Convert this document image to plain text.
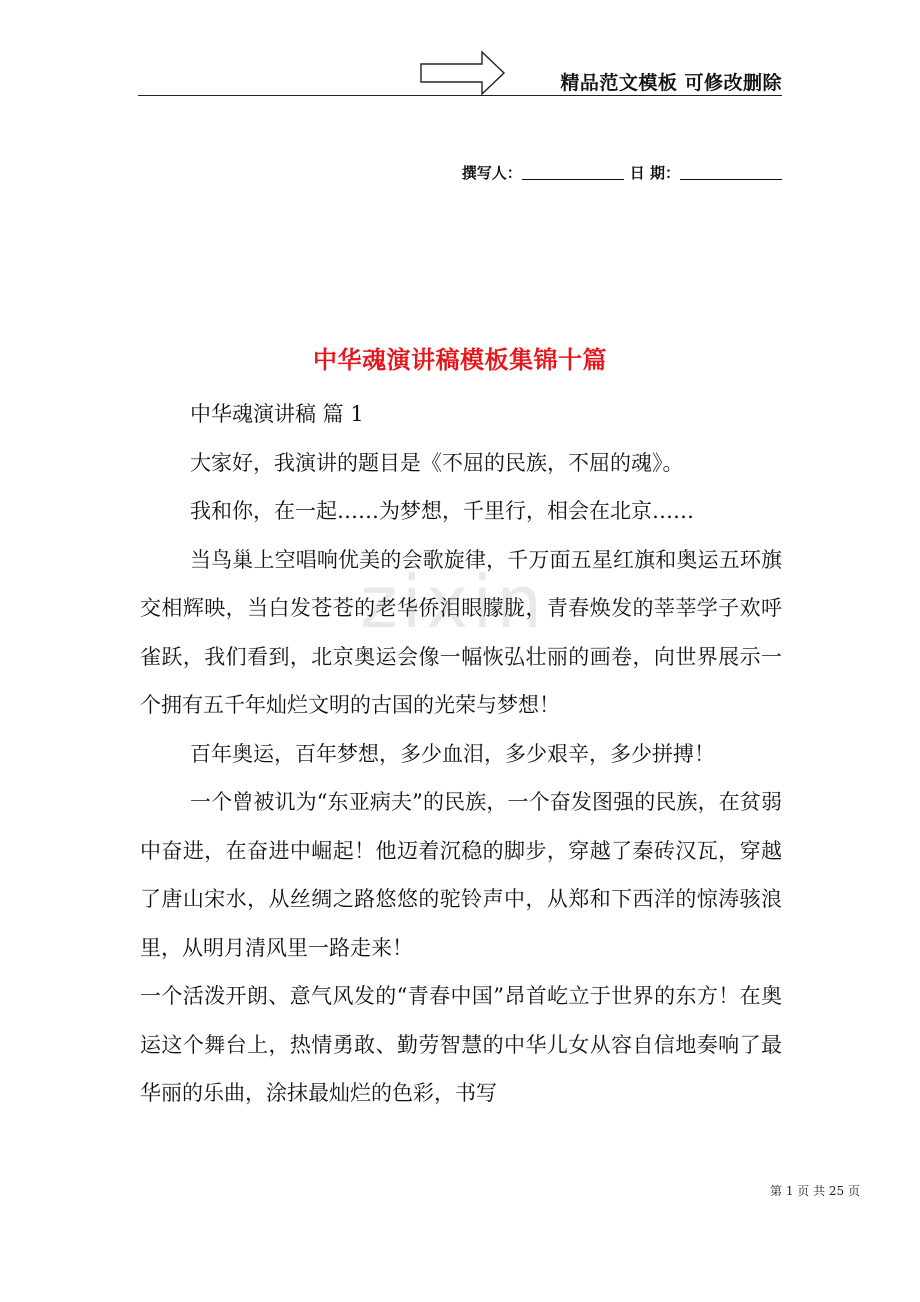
zixin
精品范文模板 可修改删除
撰写人：	日 期：
中华魂演讲稿模板集锦十篇

中华魂演讲稿 篇 1

大家好，我演讲的题目是《不屈的民族，不屈的魂》。

我和你，在一起……为梦想，千里行，相会在北京……

当鸟巢上空唱响优美的会歌旋律，千万面五星红旗和奥运五环旗交相辉映，当白发苍苍的老华侨泪眼朦胧，青春焕发的莘莘学子欢呼雀跃，我们看到，北京奥运会像一幅恢弘壮丽的画卷，向世界展示一个拥有五千年灿烂文明的古国的光荣与梦想！

百年奥运，百年梦想，多少血泪，多少艰辛，多少拼搏！

一个曾被讥为“东亚病夫”的民族，一个奋发图强的民族，在贫弱中奋进，在奋进中崛起！他迈着沉稳的脚步，穿越了秦砖汉瓦，穿越了唐山宋水，从丝绸之路悠悠的驼铃声中，从郑和下西洋的惊涛骇浪里，从明月清风里一路走来！

一个活泼开朗、意气风发的“青春中国”昂首屹立于世界的东方！在奥运这个舞台上，热情勇敢、勤劳智慧的中华儿女从容自信地奏响了最华丽的乐曲，涂抹最灿烂的色彩，书写

第 1 页 共 25 页
